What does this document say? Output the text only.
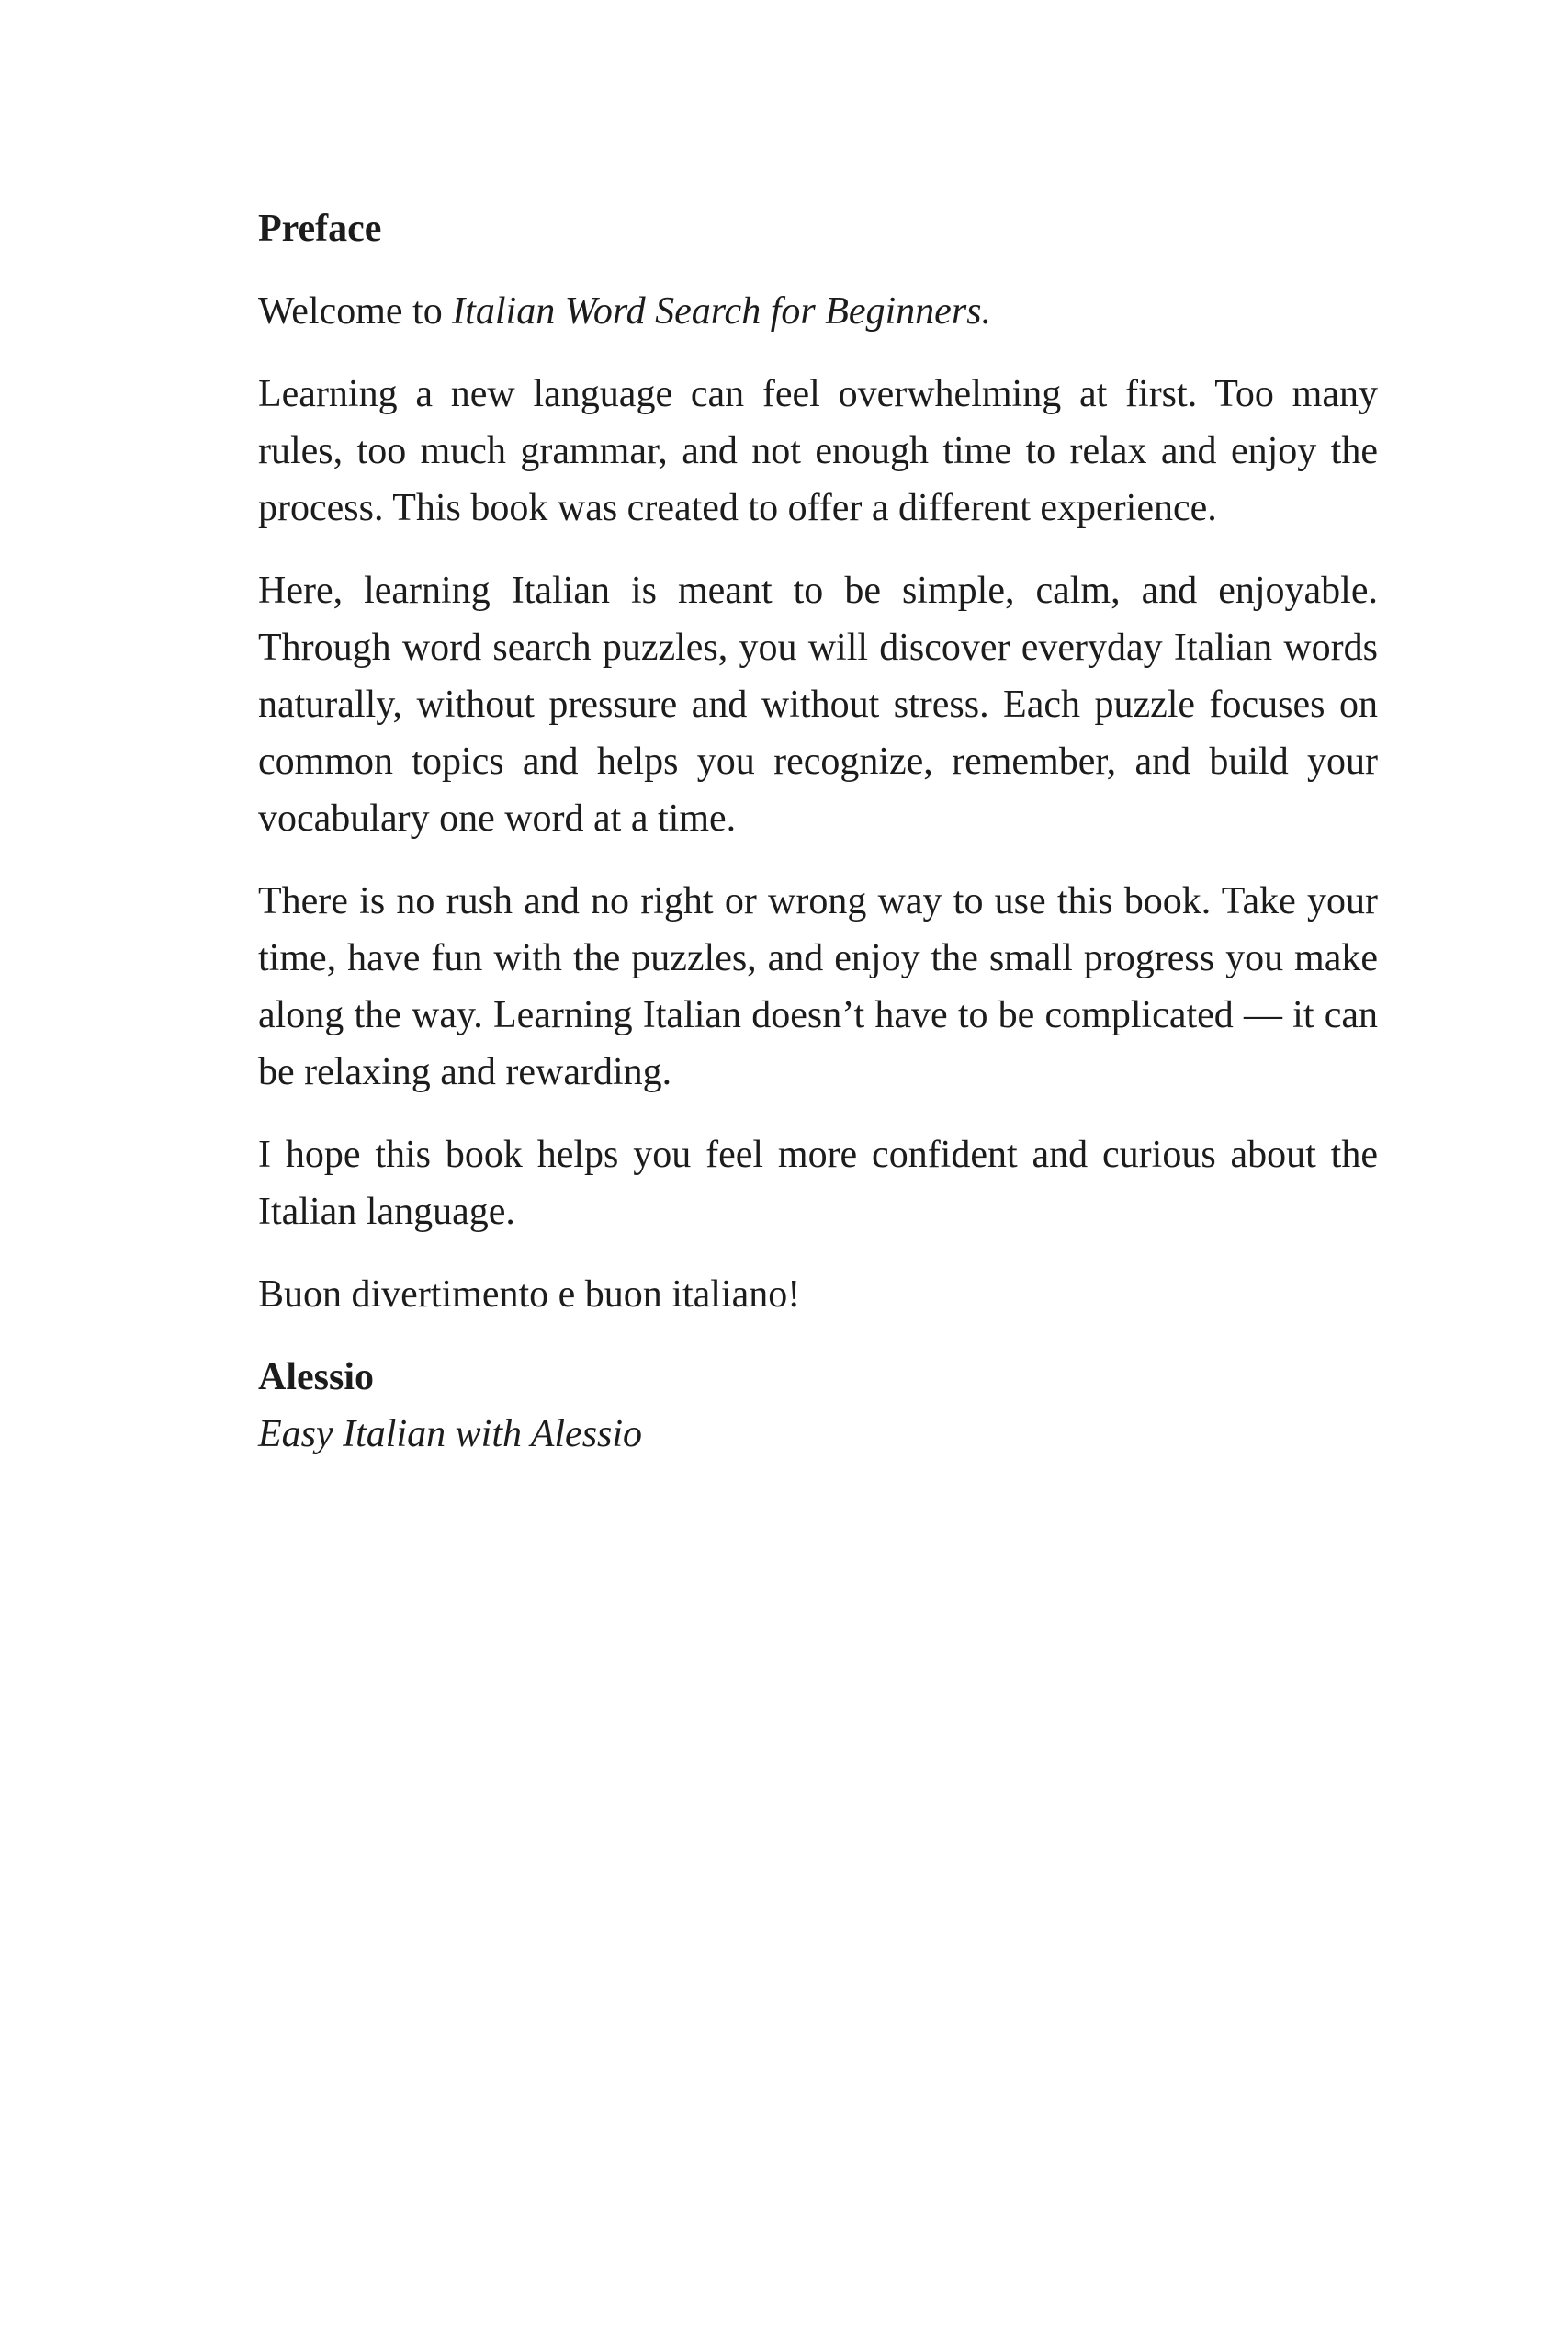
Preface

Welcome to Italian Word Search for Beginners.

Learning a new language can feel overwhelming at first. Too many rules, too much grammar, and not enough time to relax and enjoy the process. This book was created to offer a different experience.

Here, learning Italian is meant to be simple, calm, and enjoyable. Through word search puzzles, you will discover everyday Italian words naturally, without pressure and without stress. Each puzzle focuses on common topics and helps you recognize, remember, and build your vocabulary one word at a time.

There is no rush and no right or wrong way to use this book. Take your time, have fun with the puzzles, and enjoy the small progress you make along the way. Learning Italian doesn’t have to be complicated — it can be relaxing and rewarding.

I hope this book helps you feel more confident and curious about the Italian language.

Buon divertimento e buon italiano!

Alessio

Easy Italian with Alessio
